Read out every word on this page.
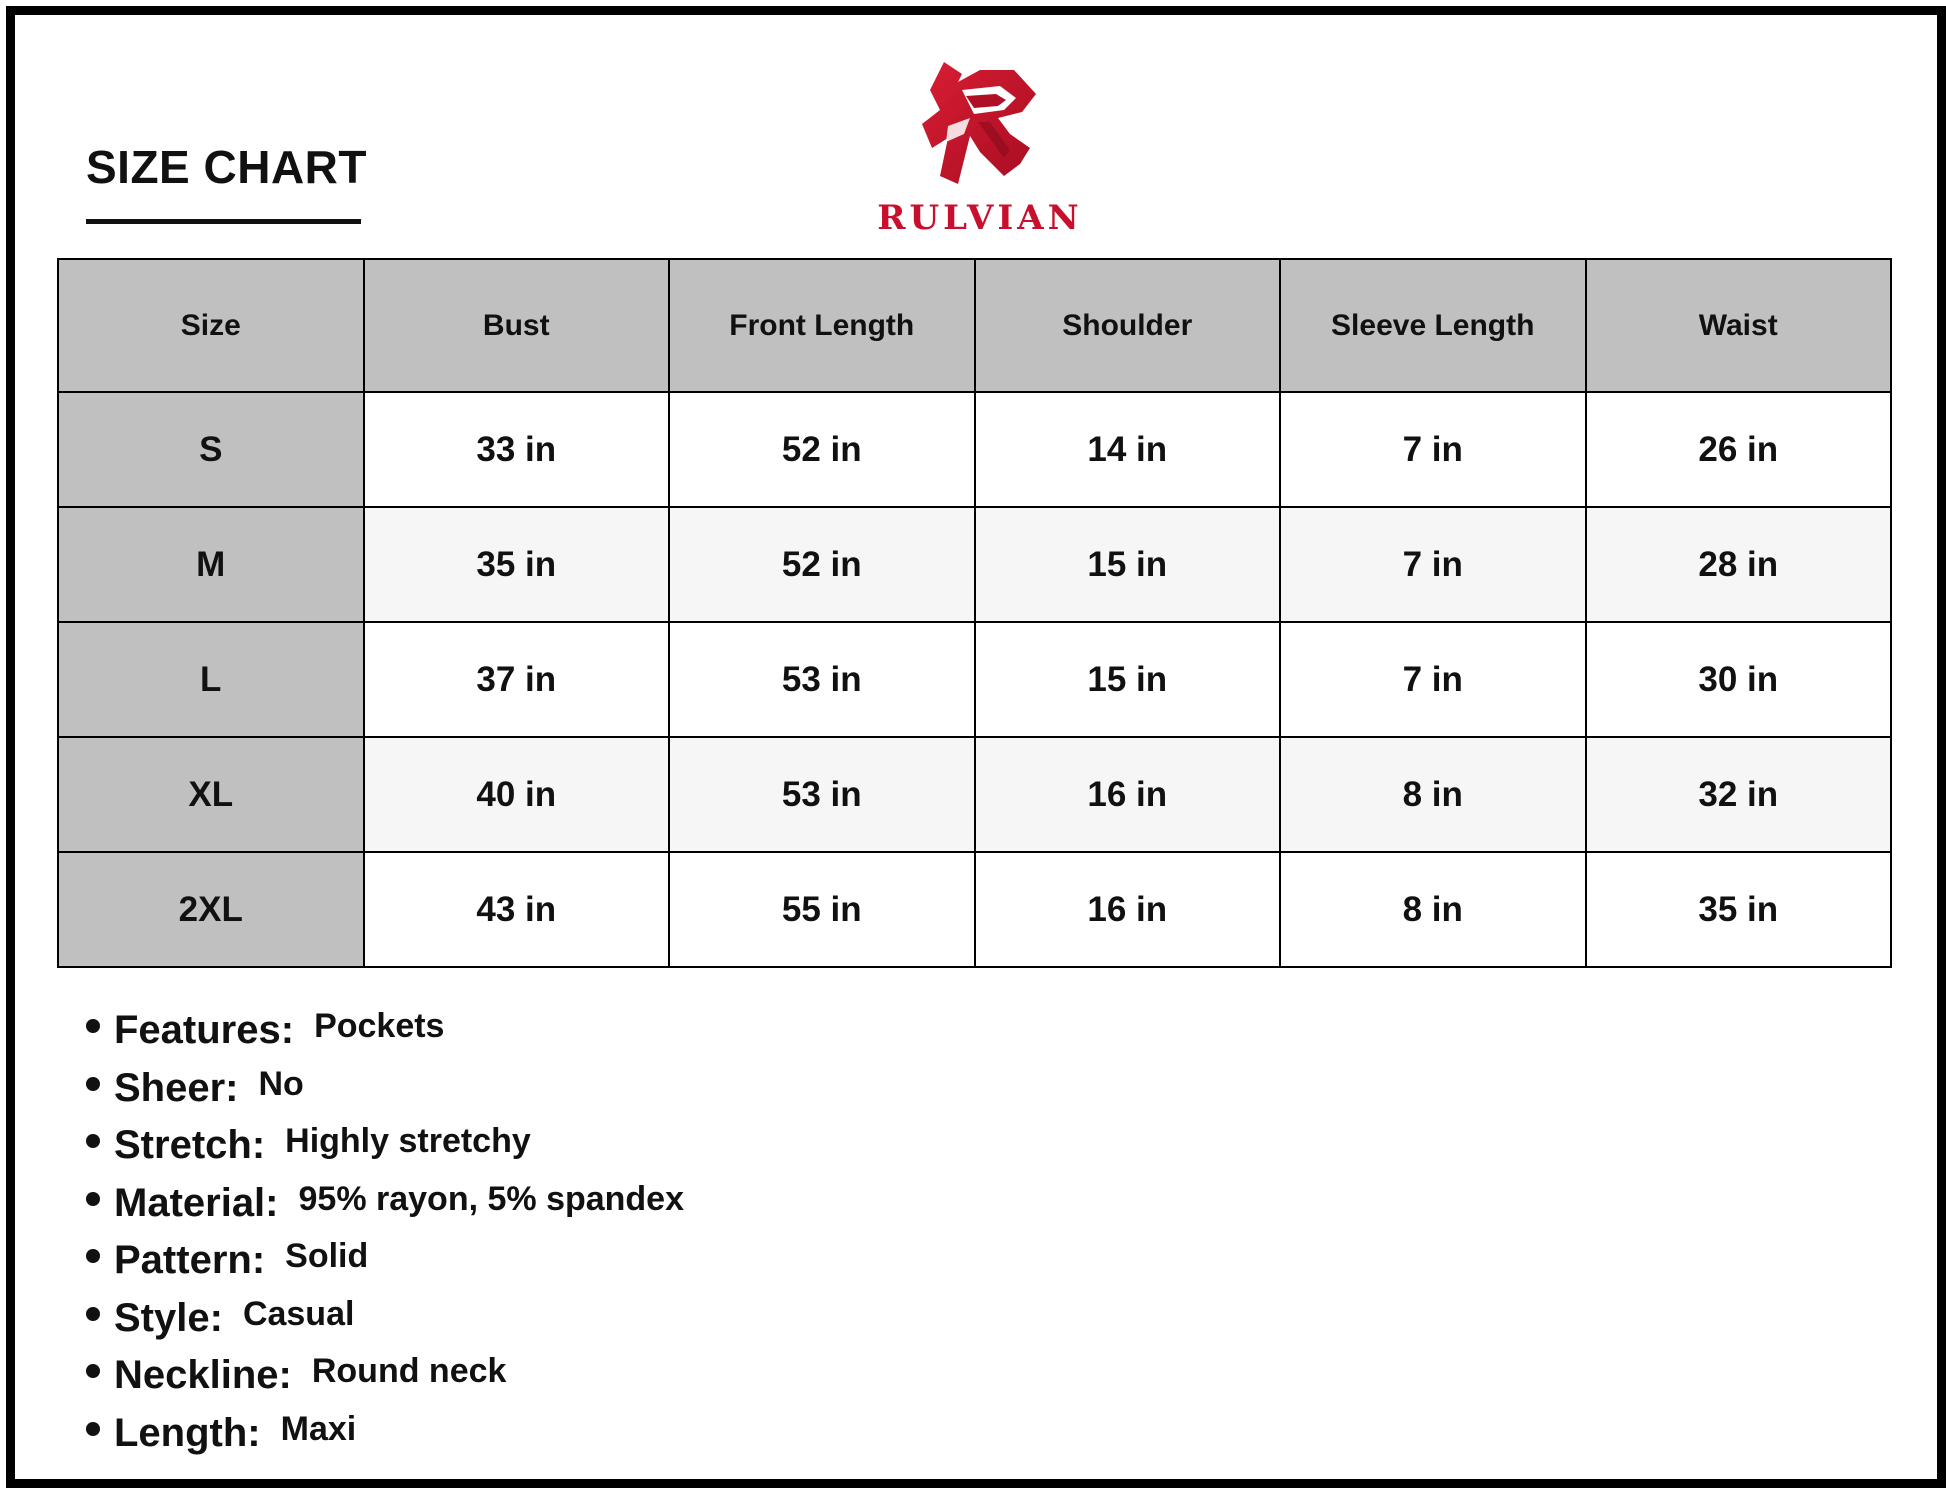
SIZE CHART
RULVIAN
Size	Bust	Front Length	Shoulder	Sleeve Length	Waist
S	33 in	52 in	14 in	7 in	26 in
M	35 in	52 in	15 in	7 in	28 in
L	37 in	53 in	15 in	7 in	30 in
XL	40 in	53 in	16 in	8 in	32 in
2XL	43 in	55 in	16 in	8 in	35 in
Features: Pockets
Sheer: No
Stretch: Highly stretchy
Material: 95% rayon, 5% spandex
Pattern: Solid
Style: Casual
Neckline: Round neck
Length: Maxi
